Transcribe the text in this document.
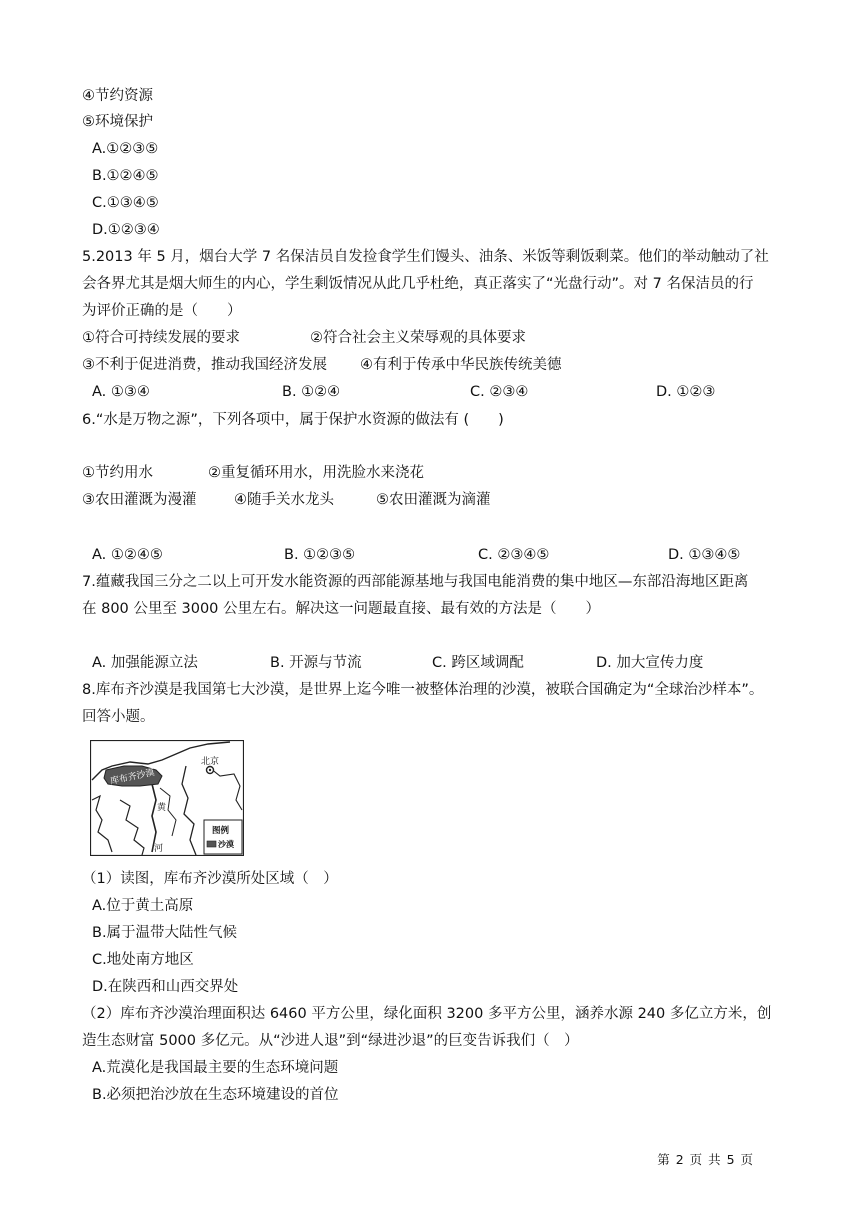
④节约资源
⑤环境保护
A.①②③⑤
B.①②④⑤
C.①③④⑤
D.①②③④
5.2013 年 5 月，烟台大学 7 名保洁员自发捡食学生们馒头、油条、米饭等剩饭剩菜。他们的举动触动了社
会各界尤其是烟大师生的内心，学生剩饭情况从此几乎杜绝，真正落实了“光盘行动”。对 7 名保洁员的行
为评价正确的是（　　）
①符合可持续发展的要求	②符合社会主义荣辱观的具体要求
③不利于促进消费，推动我国经济发展 ④有利于传承中华民族传统美德
A. ①③④	B. ①②④	C. ②③④	D. ①②③
6.“水是万物之源”，下列各项中，属于保护水资源的做法有 (　　)
①节约用水	②重复循环用水，用洗脸水来浇花
③农田灌溉为漫灌	④随手关水龙头	⑤农田灌溉为滴灌
A. ①②④⑤	B. ①②③⑤	C. ②③④⑤	D. ①③④⑤
7.蕴藏我国三分之二以上可开发水能资源的西部能源基地与我国电能消费的集中地区—东部沿海地区距离
在 800 公里至 3000 公里左右。解决这一问题最直接、最有效的方法是（　　）
A. 加强能源立法	B. 开源与节流	C. 跨区域调配	D. 加大宣传力度
8.库布齐沙漠是我国第七大沙漠，是世界上迄今唯一被整体治理的沙漠，被联合国确定为“全球治沙样本”。
回答小题。
库布齐沙漠
北京
黄
河
图例
沙漠
（1）读图，库布齐沙漠所处区域（　）
A.位于黄土高原
B.属于温带大陆性气候
C.地处南方地区
D.在陕西和山西交界处
（2）库布齐沙漠治理面积达 6460 平方公里，绿化面积 3200 多平方公里，涵养水源 240 多亿立方米，创
造生态财富 5000 多亿元。从“沙进人退”到“绿进沙退”的巨变告诉我们（　）
A.荒漠化是我国最主要的生态环境问题
B.必须把治沙放在生态环境建设的首位
第 2 页 共 5 页
